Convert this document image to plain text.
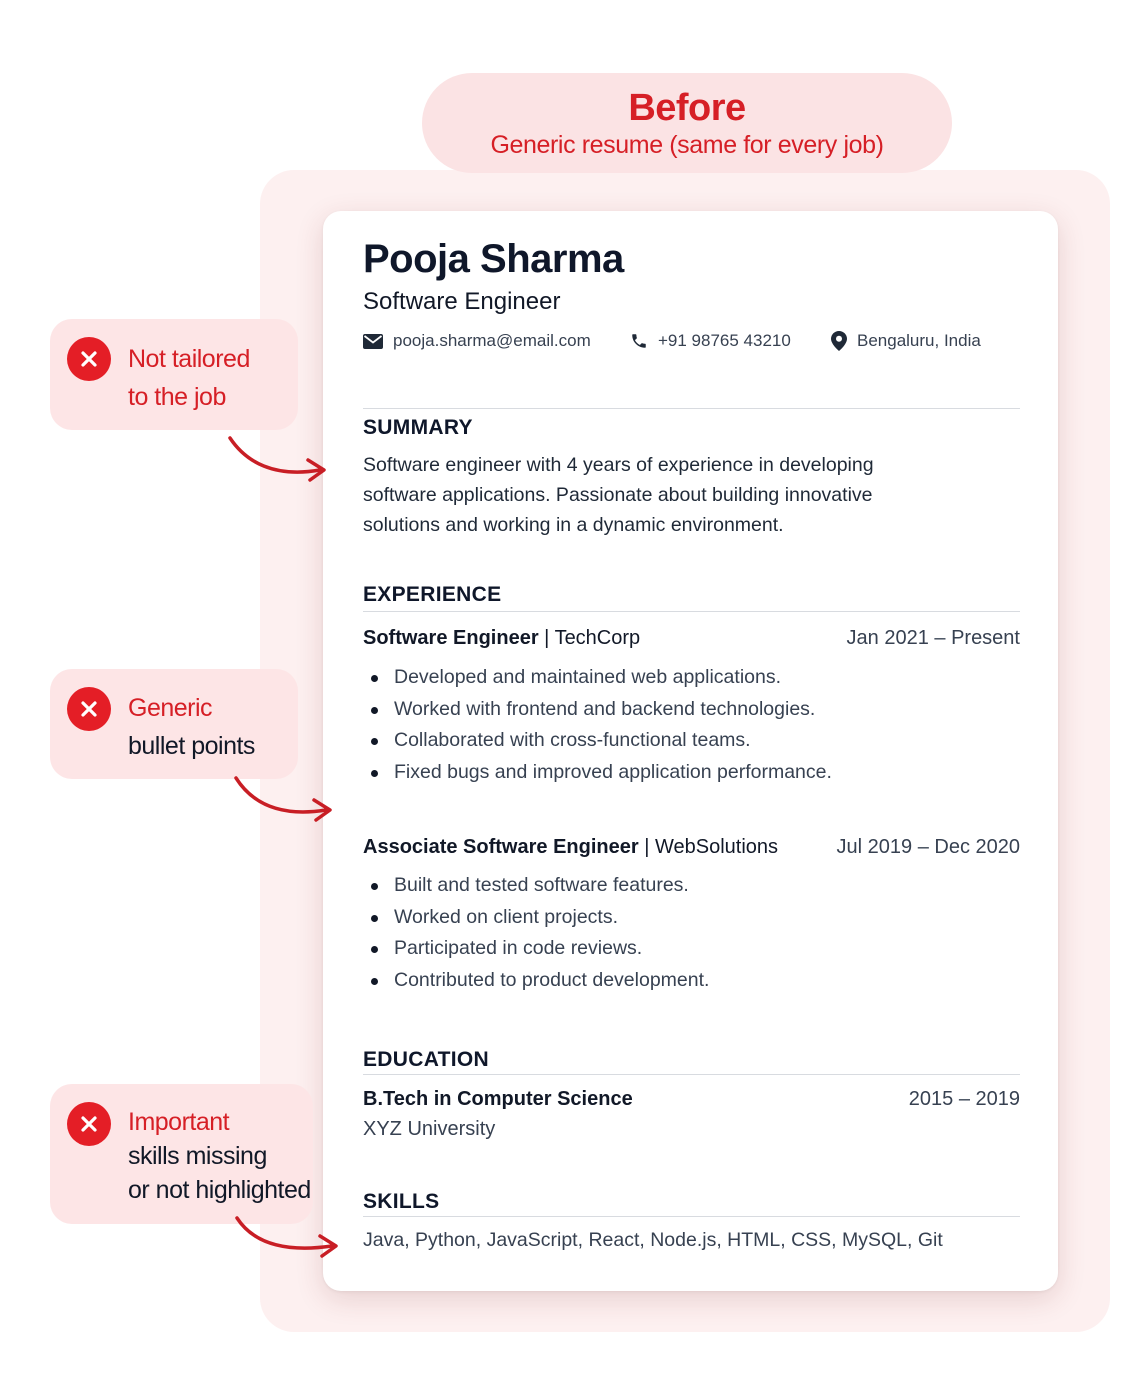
Before
Generic resume (same for every job)
Pooja Sharma
Software Engineer
pooja.sharma@email.com	+91 98765 43210	Bengaluru, India
SUMMARY
Software engineer with 4 years of experience in developing
software applications. Passionate about building innovative
solutions and working in a dynamic environment.
EXPERIENCE
Software Engineer | TechCorp	Jan 2021 – Present
Developed and maintained web applications.
Worked with frontend and backend technologies.
Collaborated with cross-functional teams.
Fixed bugs and improved application performance.
Associate Software Engineer | WebSolutions	Jul 2019 – Dec 2020
Built and tested software features.
Worked on client projects.
Participated in code reviews.
Contributed to product development.
EDUCATION
B.Tech in Computer Science	2015 – 2019
XYZ University
SKILLS
Java, Python, JavaScript, React, Node.js, HTML, CSS, MySQL, Git
Not tailored
to the job
Generic
bullet points
Important
skills missing
or not highlighted
